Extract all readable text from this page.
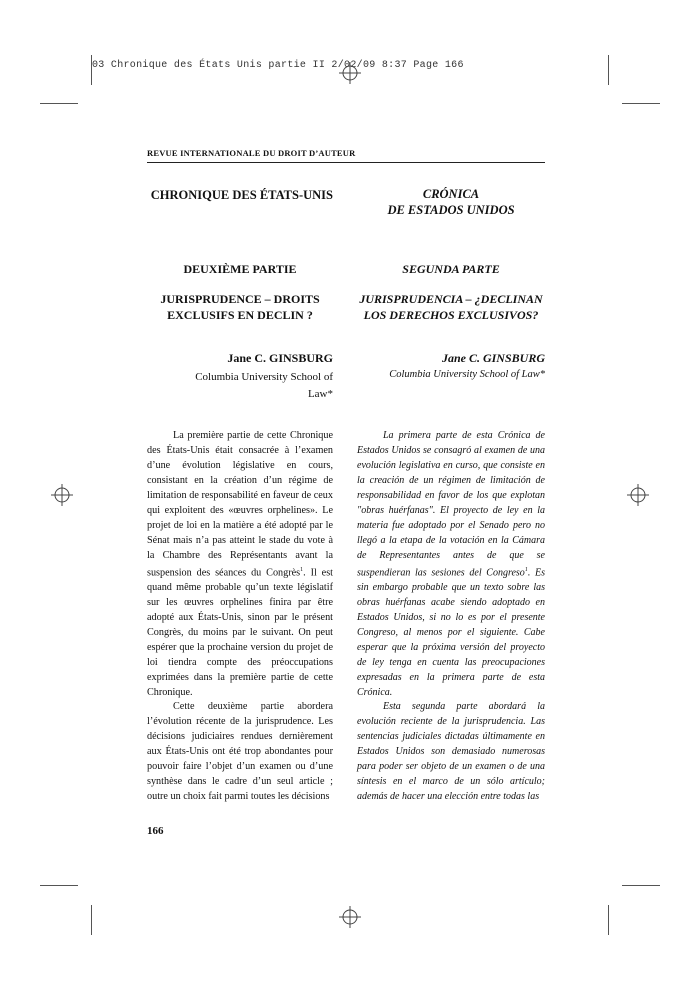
03 Chronique des États Unis partie II 2/02/09 8:37 Page 166
REVUE INTERNATIONALE DU DROIT D’AUTEUR
CHRONIQUE DES ÉTATS-UNIS
DEUXIÈME PARTIE
JURISPRUDENCE – DROITS EXCLUSIFS EN DECLIN ?
Jane C. GINSBURG
Columbia University School of Law*
La première partie de cette Chronique des États-Unis était consacrée à l’examen d’une évolution législative en cours, consistant en la création d’un régime de limitation de responsabilité en faveur de ceux qui exploitent des «œuvres orphelines». Le projet de loi en la matière a été adopté par le Sénat mais n’a pas atteint le stade du vote à la Chambre des Représentants avant la suspension des séances du Congrès$^1$. Il est quand même probable qu’un texte législatif sur les œuvres orphelines finira par être adopté aux États-Unis, sinon par le présent Congrès, du moins par le suivant. On peut espérer que la prochaine version du projet de loi tiendra compte des préoccupations exprimées dans la première partie de cette Chronique.
Cette deuxième partie abordera l’évolution récente de la jurisprudence. Les décisions judiciaires rendues dernièrement aux États-Unis ont été trop abondantes pour pouvoir faire l’objet d’un examen ou d’une synthèse dans le cadre d’un seul article ; outre un choix fait parmi toutes les décisions
CRÓNICA
DE ESTADOS UNIDOS
SEGUNDA PARTE
JURISPRUDENCIA – ¿DECLINAN LOS DERECHOS EXCLUSIVOS?
Jane C. GINSBURG
Columbia University School of Law*
La primera parte de esta Crónica de Estados Unidos se consagró al examen de una evolución legislativa en curso, que consiste en la creación de un régimen de limitación de responsabilidad en favor de los que explotan "obras huérfanas". El proyecto de ley en la materia fue adoptado por el Senado pero no llegó a la etapa de la votación en la Cámara de Representantes antes de que se suspendieran las sesiones del Congreso$^1$. Es sin embargo probable que un texto sobre las obras huérfanas acabe siendo adoptado en Estados Unidos, si no lo es por el presente Congreso, al menos por el siguiente. Cabe esperar que la próxima versión del proyecto de ley tenga en cuenta las preocupaciones expresadas en la primera parte de esta Crónica.
Esta segunda parte abordará la evolución reciente de la jurisprudencia. Las sentencias judiciales dictadas últimamente en Estados Unidos son demasiado numerosas para poder ser objeto de un examen o de una síntesis en el marco de un sólo artículo; además de hacer una elección entre todas las
166
